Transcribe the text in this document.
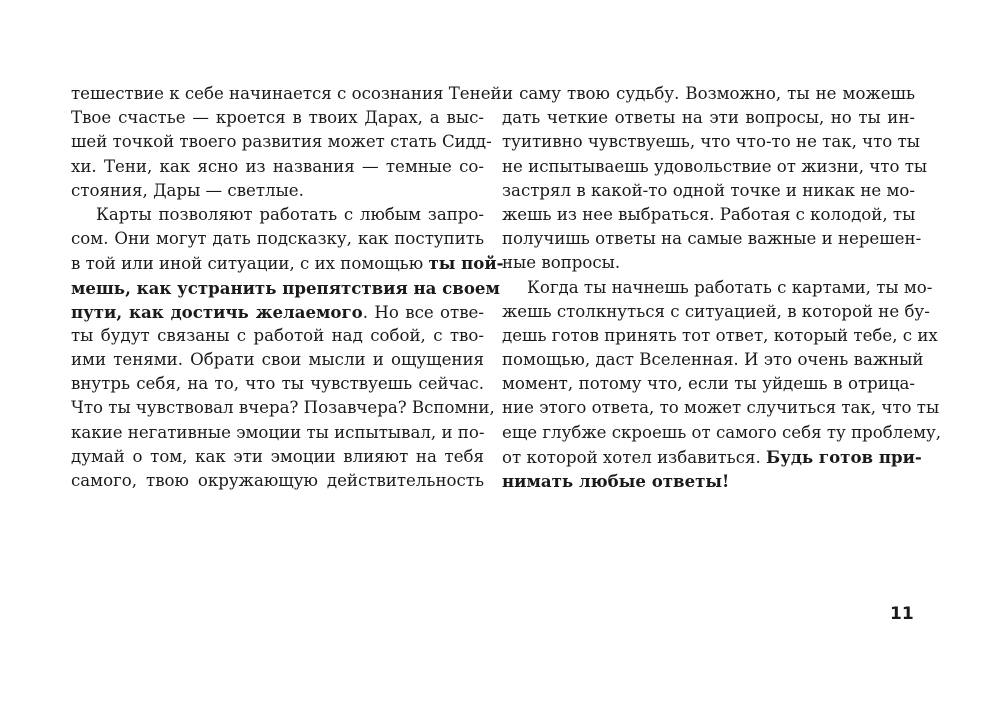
тешествие к себе начинается с осознания Теней.
Твое счастье — кроется в твоих Дарах, а выс-
шей точкой твоего развития может стать Сидд-
хи. Тени, как ясно из названия — темные со-
стояния, Дары — светлые.
Карты позволяют работать с любым запро-
сом. Они могут дать подсказку, как поступить
в той или иной ситуации, с их помощью ты пой-
мешь, как устранить препятствия на своем
пути, как достичь желаемого. Но все отве-
ты будут связаны с работой над собой, с тво-
ими тенями. Обрати свои мысли и ощущения
внутрь себя, на то, что ты чувствуешь сейчас.
Что ты чувствовал вчера? Позавчера? Вспомни,
какие негативные эмоции ты испытывал, и по-
думай о том, как эти эмоции влияют на тебя
самого, твою окружающую действительность
и саму твою судьбу. Возможно, ты не можешь
дать четкие ответы на эти вопросы, но ты ин-
туитивно чувствуешь, что что-то не так, что ты
не испытываешь удовольствие от жизни, что ты
застрял в какой-то одной точке и никак не мо-
жешь из нее выбраться. Работая с колодой, ты
получишь ответы на самые важные и нерешен-
ные вопросы.
Когда ты начнешь работать с картами, ты мо-
жешь столкнуться с ситуацией, в которой не бу-
дешь готов принять тот ответ, который тебе, с их
помощью, даст Вселенная. И это очень важный
момент, потому что, если ты уйдешь в отрица-
ние этого ответа, то может случиться так, что ты
еще глубже скроешь от самого себя ту проблему,
от которой хотел избавиться. Будь готов при-
нимать любые ответы!
11
